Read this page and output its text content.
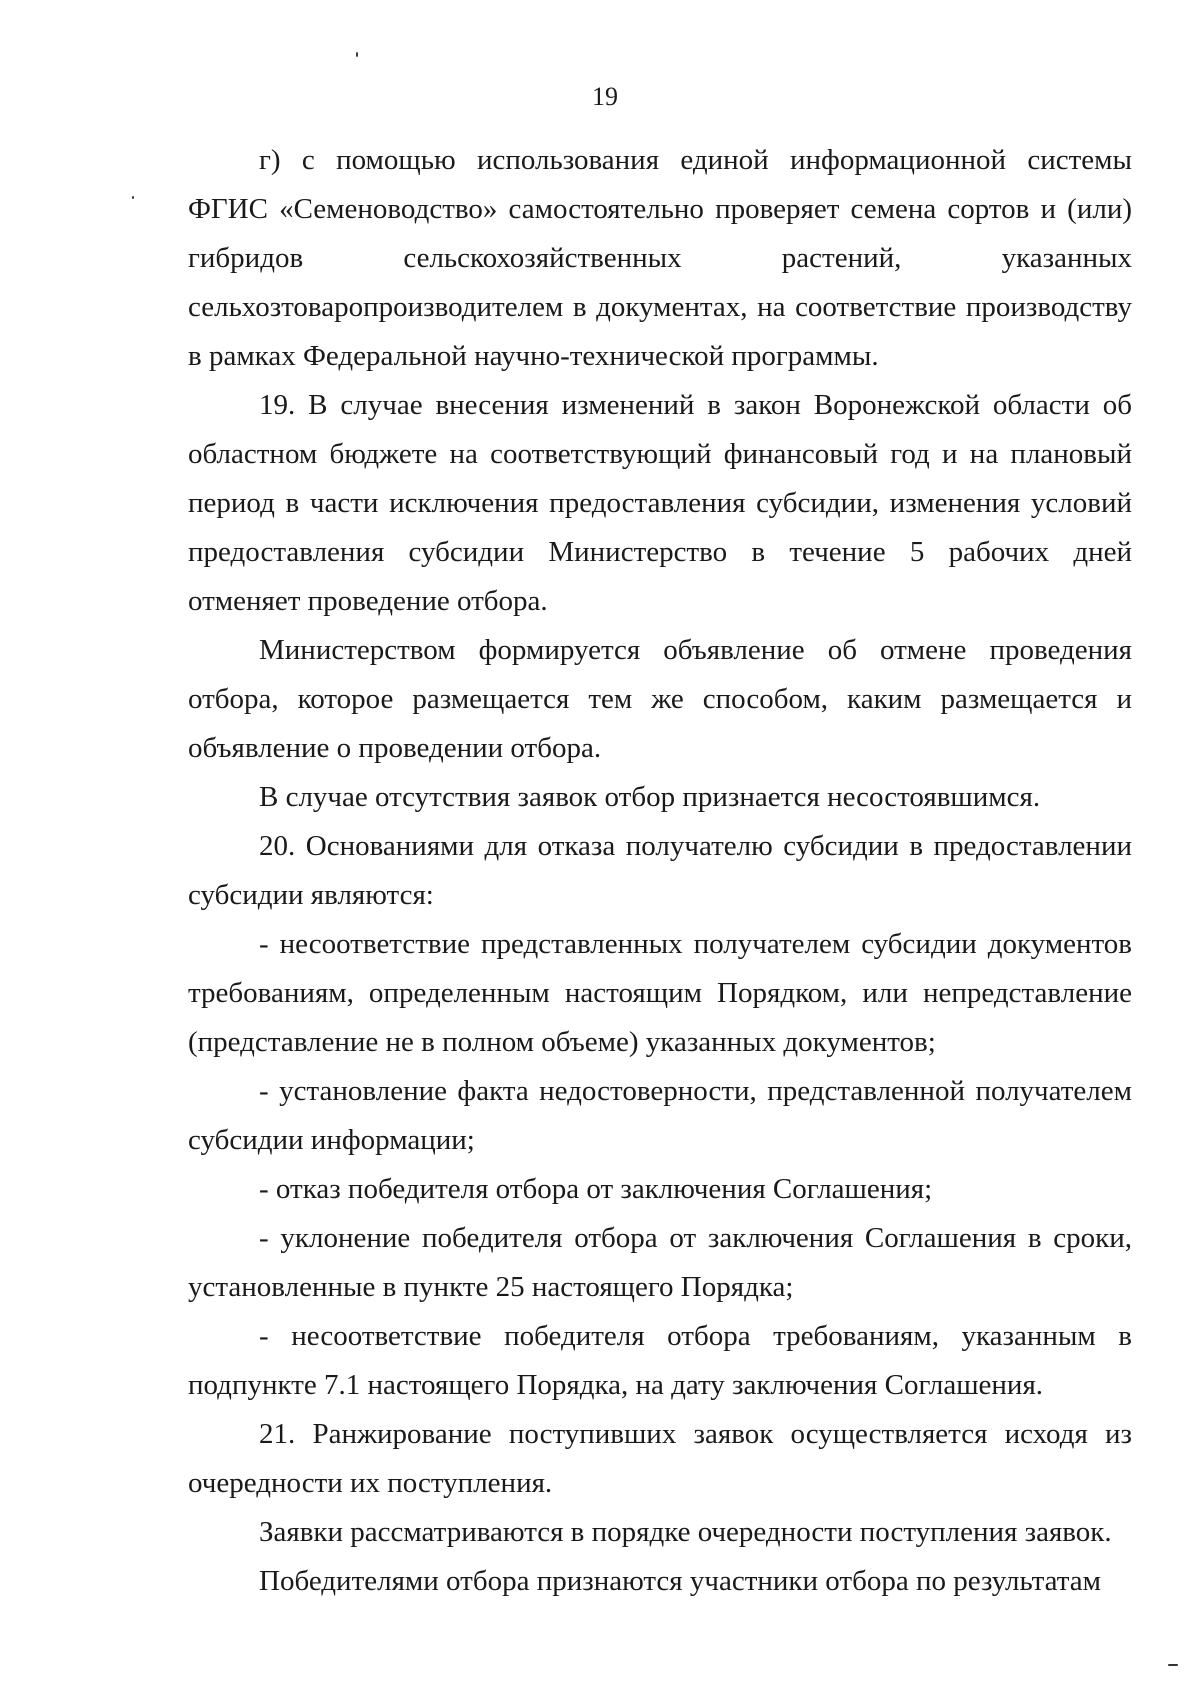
19

г) с помощью использования единой информационной системы ФГИС «Семеноводство» самостоятельно проверяет семена сортов и (или) гибридов сельскохозяйственных растений, указанных сельхозтоваропроизводителем в документах, на соответствие производству в рамках Федеральной научно-технической программы.

19. В случае внесения изменений в закон Воронежской области об областном бюджете на соответствующий финансовый год и на плановый период в части исключения предоставления субсидии, изменения условий предоставления субсидии Министерство в течение 5 рабочих дней отменяет проведение отбора.

Министерством формируется объявление об отмене проведения отбора, которое размещается тем же способом, каким размещается и объявление о проведении отбора.

В случае отсутствия заявок отбор признается несостоявшимся.

20. Основаниями для отказа получателю субсидии в предоставлении субсидии являются:

- несоответствие представленных получателем субсидии документов требованиям, определенным настоящим Порядком, или непредставление (представление не в полном объеме) указанных документов;

- установление факта недостоверности, представленной получателем субсидии информации;

- отказ победителя отбора от заключения Соглашения;

- уклонение победителя отбора от заключения Соглашения в сроки, установленные в пункте 25 настоящего Порядка;

- несоответствие победителя отбора требованиям, указанным в подпункте 7.1 настоящего Порядка, на дату заключения Соглашения.

21. Ранжирование поступивших заявок осуществляется исходя из очередности их поступления.

Заявки рассматриваются в порядке очередности поступления заявок.

Победителями отбора признаются участники отбора по результатам
